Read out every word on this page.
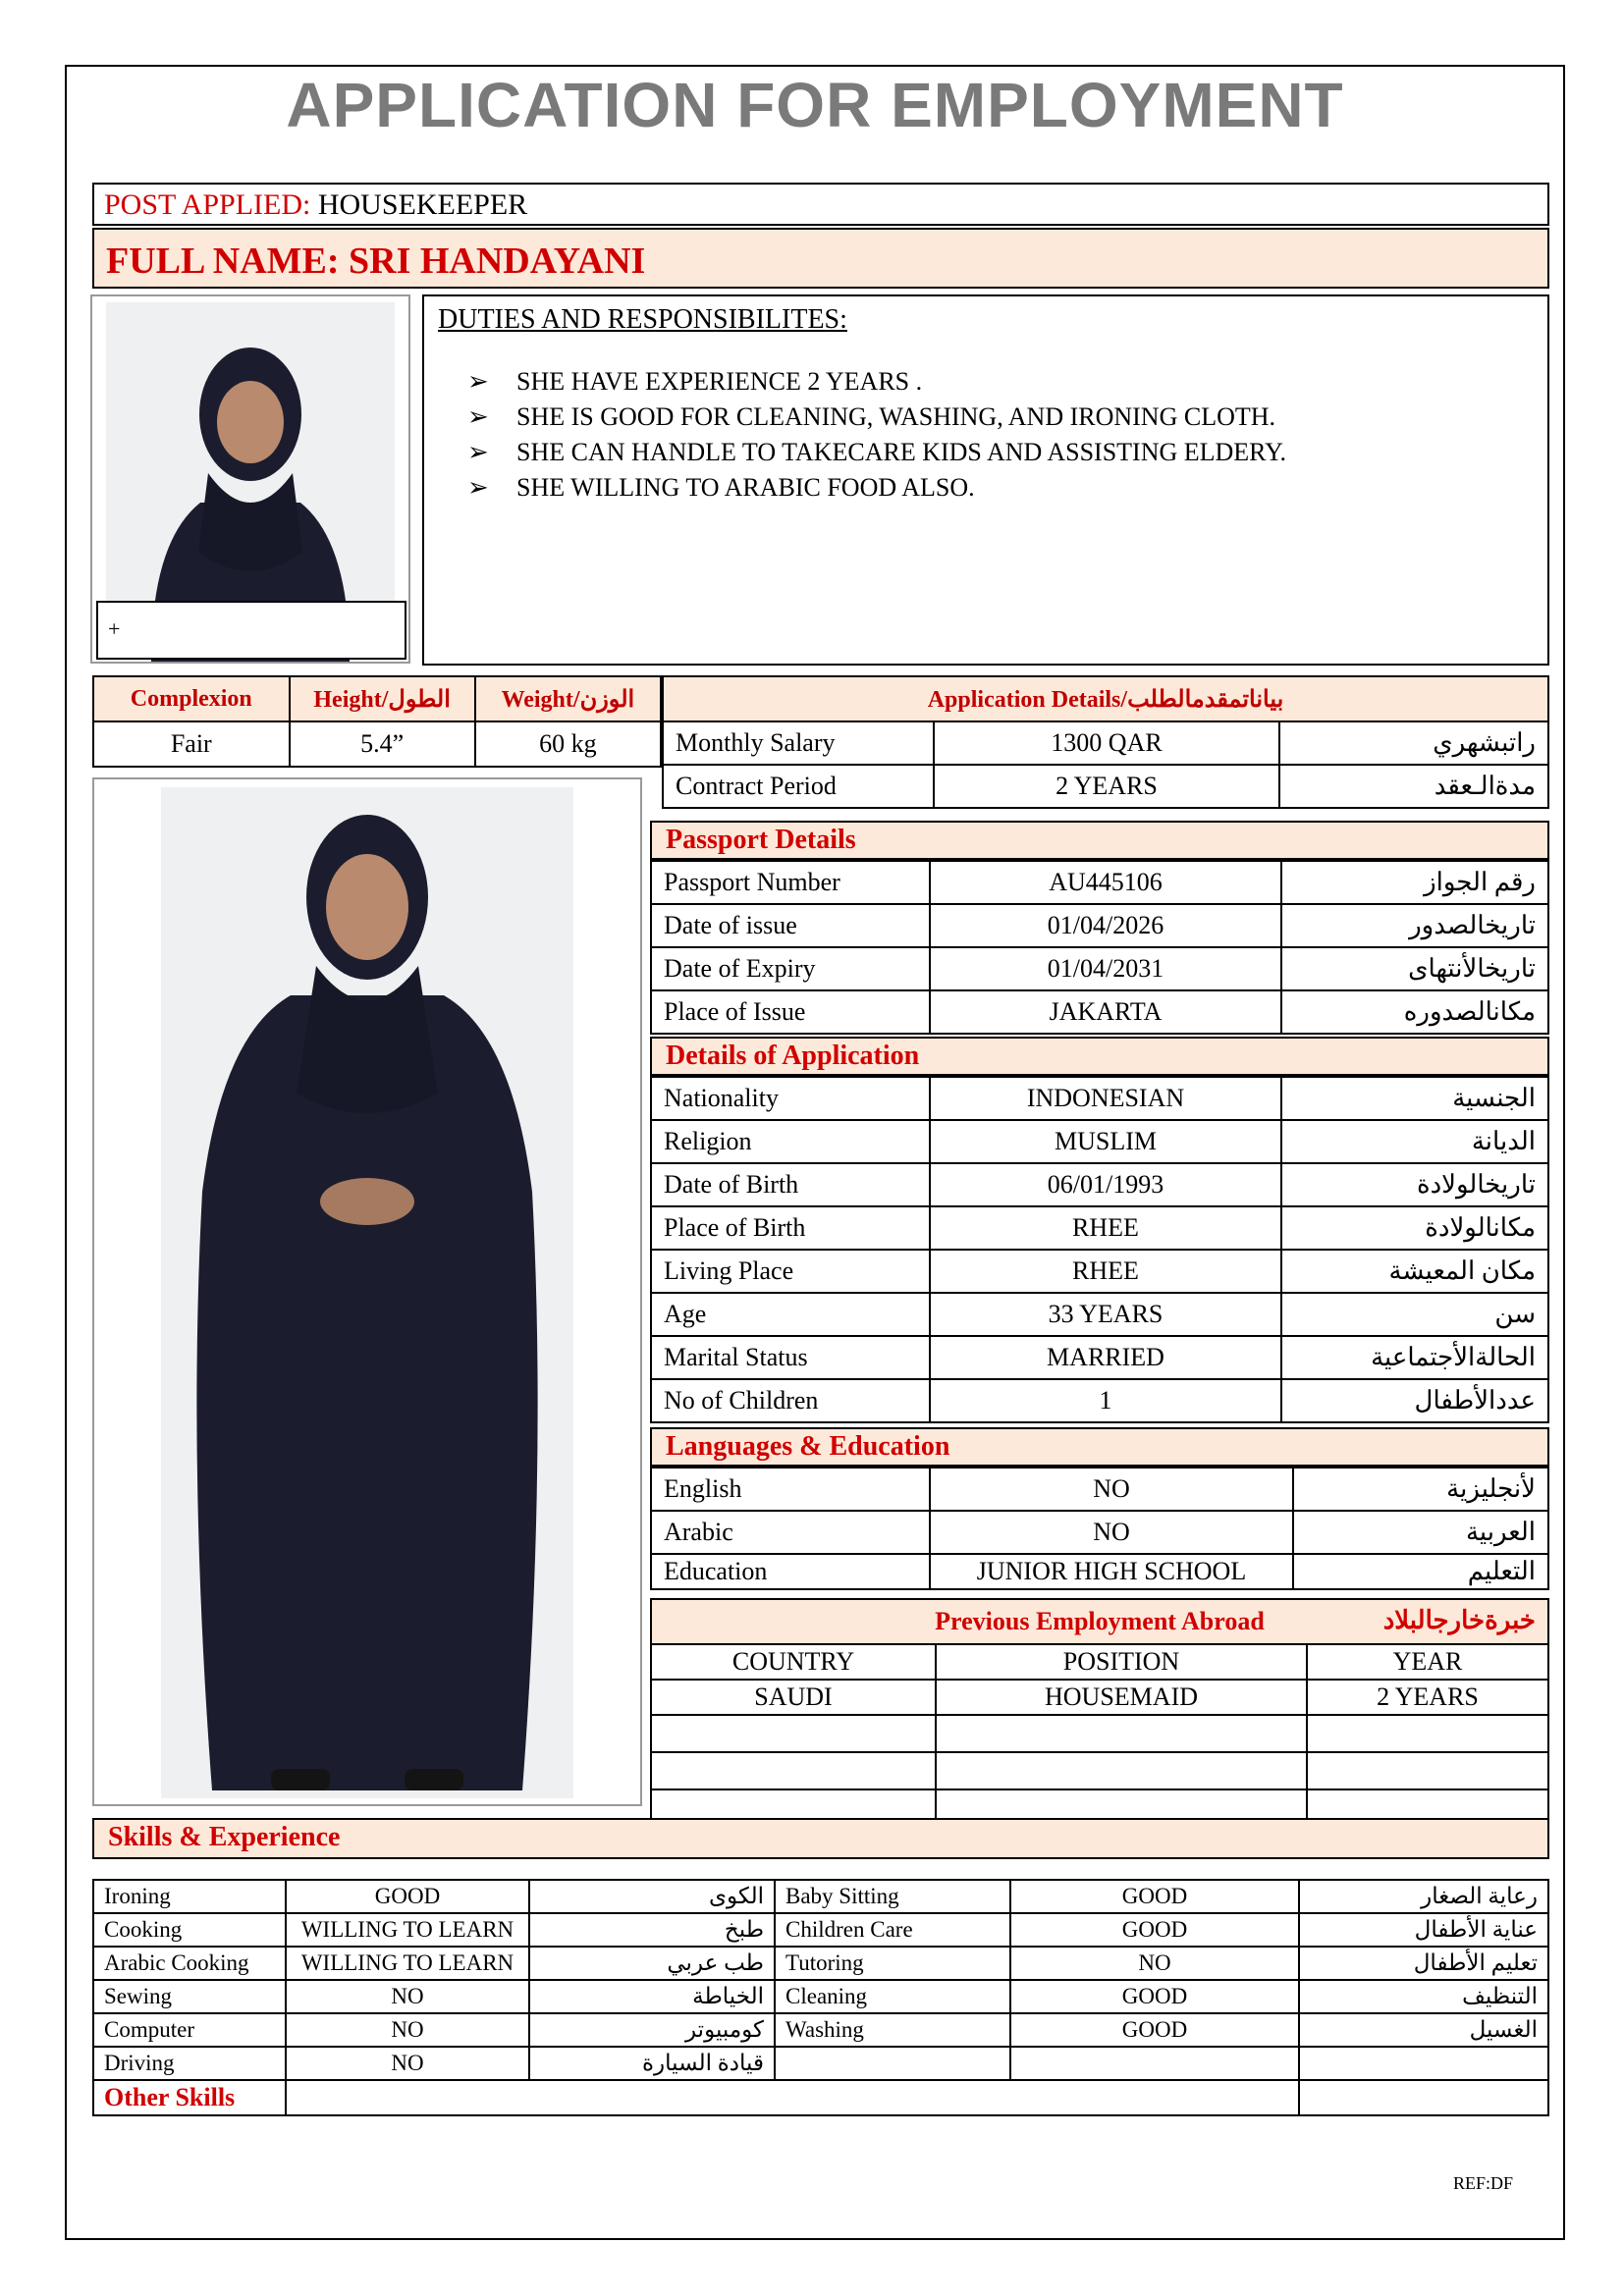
APPLICATION FOR EMPLOYMENT
POST APPLIED: HOUSEKEEPER
FULL NAME: SRI HANDAYANI
+
DUTIES AND RESPONSIBILITES:
➢ SHE HAVE EXPERIENCE 2 YEARS .
➢ SHE IS GOOD FOR CLEANING, WASHING, AND IRONING CLOTH.
➢ SHE CAN HANDLE TO TAKECARE KIDS AND ASSISTING ELDERY.
➢ SHE WILLING TO ARABIC FOOD ALSO.
Complexion	Height/الطول	Weight/الوزن
Fair	5.4”	60 kg
Application Details/بياناتمقدمالطلب		
Monthly Salary	1300 QAR	راتبشهري
Contract Period	2 YEARS	مدةالـعقد
Passport Details
Passport Number	AU445106	رقم الجواز
Date of issue	01/04/2026	تاريخالصدور
Date of Expiry	01/04/2031	تاريخالأنتهاى
Place of Issue	JAKARTA	مكانالصدوره
Details of Application
Nationality	INDONESIAN	الجنسية
Religion	MUSLIM	الديانة
Date of Birth	06/01/1993	تاريخالولادة
Place of Birth	RHEE	مكانالولادة
Living Place	RHEE	مكان المعيشة
Age	33 YEARS	سن
Marital Status	MARRIED	الحالةالأجتماعية
No of Children	1	عددالأطفال
Languages & Education
English	NO	لأنجليزية
Arabic	NO	العربية
Education	JUNIOR HIGH SCHOOL	التعليم
Previous Employment Abroad خبرةخارجالبلاد		

COUNTRY	POSITION	YEAR
SAUDI	HOUSEMAID	2 YEARS

Skills & Experience
Ironing	GOOD	الكوى	Baby Sitting	GOOD	رعاية الصغار
Cooking	WILLING TO LEARN	طبخ	Children Care	GOOD	عناية الأطفال
Arabic Cooking	WILLING TO LEARN	طب عربي	Tutoring	NO	تعليم الأطفال
Sewing	NO	الخياطة	Cleaning	GOOD	التنظيف
Computer	NO	كومبيوتر	Washing	GOOD	الغسيل
Driving	NO	قيادة السيارة			
Other Skills					
REF:DF
